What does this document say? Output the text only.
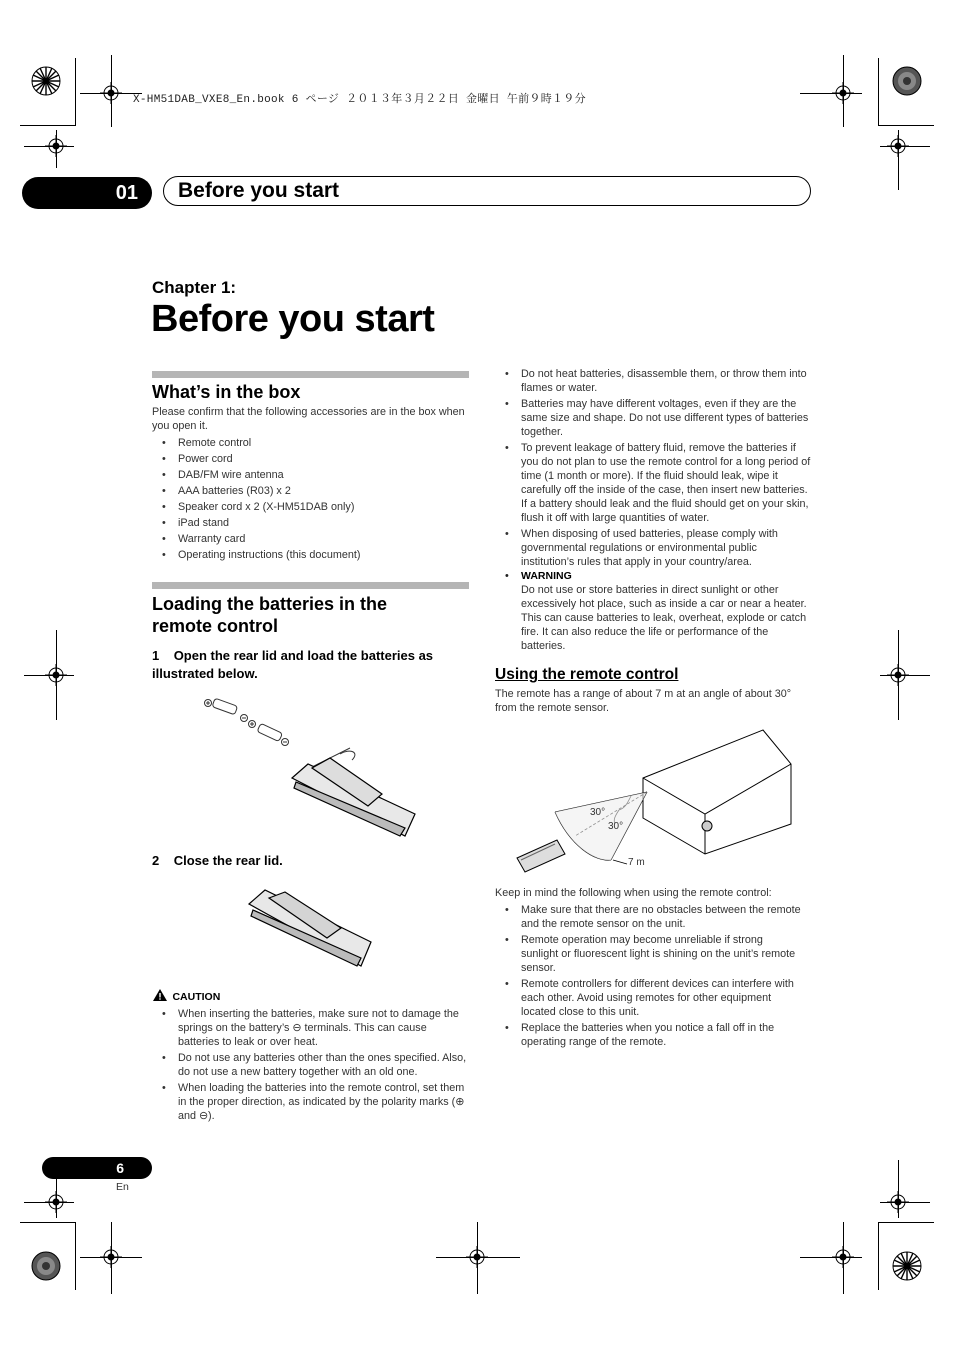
X-HM51DAB_VXE8_En.book 6 ページ ２０１３年３月２２日 金曜日 午前９時１９分
01	Before you start
Chapter 1:
Before you start
What’s in the box
Please confirm that the following accessories are in the box when you open it.
• Remote control
• Power cord
• DAB/FM wire antenna
• AAA batteries (R03) x 2
• Speaker cord x 2 (X-HM51DAB only)
• iPad stand
• Warranty card
• Operating instructions (this document)
Loading the batteries in the
remote control
1 Open the rear lid and load the batteries as
illustrated below.
2 Close the rear lid.
CAUTION
• When inserting the batteries, make sure not to damage the springs on the battery’s ⊖ terminals. This can cause batteries to leak or over heat.
• Do not use any batteries other than the ones specified. Also, do not use a new battery together with an old one.
• When loading the batteries into the remote control, set them in the proper direction, as indicated by the polarity marks (⊕ and ⊖).
• Do not heat batteries, disassemble them, or throw them into flames or water.
• Batteries may have different voltages, even if they are the same size and shape. Do not use different types of batteries together.
• To prevent leakage of battery fluid, remove the batteries if you do not plan to use the remote control for a long period of time (1 month or more). If the fluid should leak, wipe it carefully off the inside of the case, then insert new batteries. If a battery should leak and the fluid should get on your skin, flush it off with large quantities of water.
• When disposing of used batteries, please comply with governmental regulations or environmental public institution’s rules that apply in your country/area.
• WARNING
Do not use or store batteries in direct sunlight or other excessively hot place, such as inside a car or near a heater. This can cause batteries to leak, overheat, explode or catch fire. It can also reduce the life or performance of the batteries.
Using the remote control
The remote has a range of about 7 m at an angle of about 30° from the remote sensor.
30°
30°
7 m
Keep in mind the following when using the remote control:
• Make sure that there are no obstacles between the remote and the remote sensor on the unit.
• Remote operation may become unreliable if strong sunlight or fluorescent light is shining on the unit’s remote sensor.
• Remote controllers for different devices can interfere with each other. Avoid using remotes for other equipment located close to this unit.
• Replace the batteries when you notice a fall off in the operating range of the remote.
6
En
